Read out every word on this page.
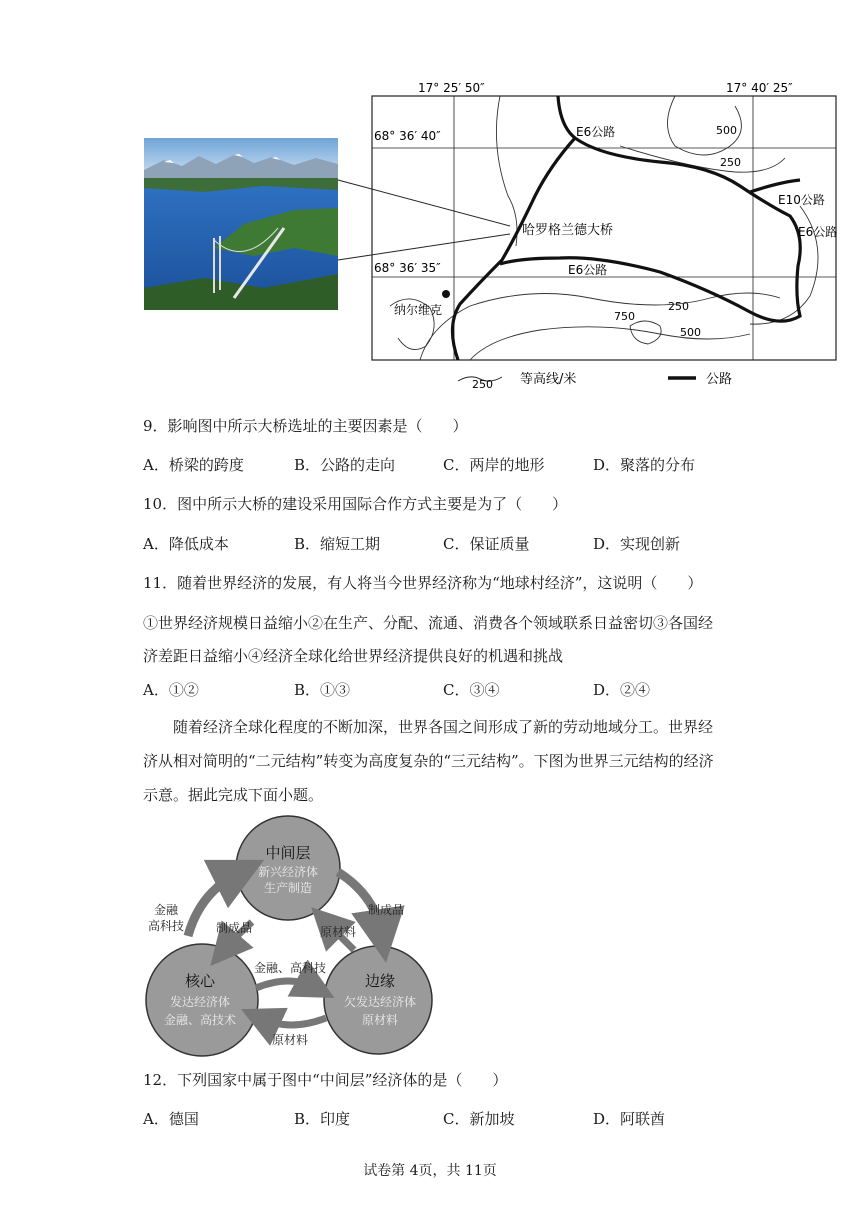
17° 25′ 50″	17° 40′ 25″
68° 36′ 40″
68° 36′ 35″
E6公路	500
250
E10公路
E6公路
哈罗格兰德大桥
E6公路
纳尔维克	250
750
500
250 等高线/米	公路
9．影响图中所示大桥选址的主要因素是（　　）
A．桥梁的跨度	B．公路的走向	C．两岸的地形	D．聚落的分布
10．图中所示大桥的建设采用国际合作方式主要是为了（　　）
A．降低成本	B．缩短工期	C．保证质量	D．实现创新
11．随着世界经济的发展，有人将当今世界经济称为“地球村经济”，这说明（　　）
①世界经济规模日益缩小②在生产、分配、流通、消费各个领域联系日益密切③各国经
济差距日益缩小④经济全球化给世界经济提供良好的机遇和挑战
A．①②	B．①③	C．③④	D．②④
随着经济全球化程度的不断加深，世界各国之间形成了新的劳动地域分工。世界经济从相对简明的“二元结构”转变为高度复杂的“三元结构”。下图为世界三元结构的经济示意。据此完成下面小题。
中间层
新兴经济体
生产制造
核心
发达经济体
金融、高技术
边缘
欠发达经济体
原材料
金融
高科技	制成品
制成品
原材料
金融、高科技
原材料
12．下列国家中属于图中“中间层”经济体的是（　　）
A．德国	B．印度	C．新加坡	D．阿联酋
试卷第 4页，共 11页
